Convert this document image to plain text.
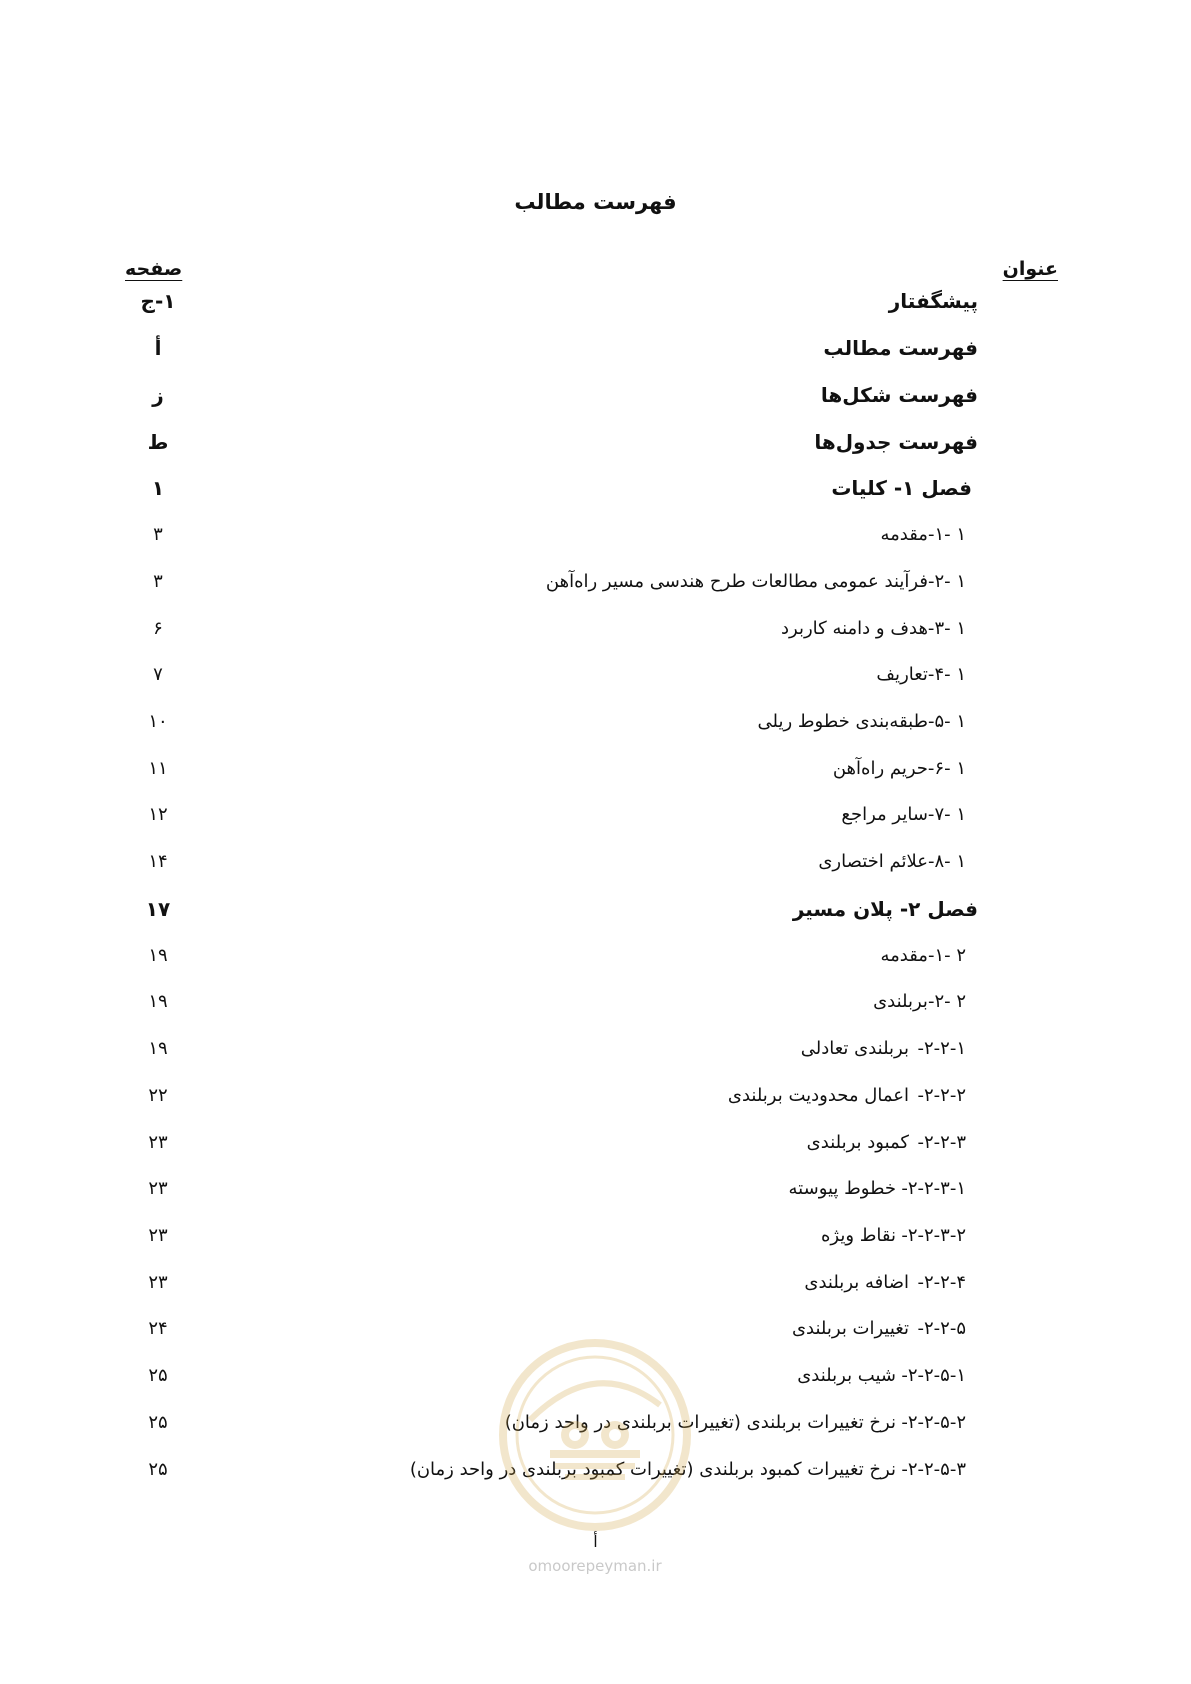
فهرست مطالب
عنوان
صفحه
پیشگفتار
۱-ج
فهرست مطالب
أ
فهرست شکل‌ها
ز
فهرست جدول‌ها
ط
فصل ۱- کلیات
۱
۱ -۱-مقدمه
۳
۱ -۲-فرآیند عمومی مطالعات طرح هندسی مسیر راه‌آهن
۳
۱ -۳-هدف و دامنه کاربرد
۶
۱ -۴-تعاریف
۷
۱ -۵-طبقه‌بندی خطوط ریلی
۱۰
۱ -۶-حریم راه‌آهن
۱۱
۱ -۷-سایر مراجع
۱۲
۱ -۸-علائم اختصاری
۱۴
فصل ۲- پلان مسیر
۱۷
۲ -۱-مقدمه
۱۹
۲ -۲-بربلندی
۱۹
۲-۲-۱-
بربلندی تعادلی
۱۹
۲-۲-۲-
اعمال محدودیت بربلندی
۲۲
۲-۲-۳-
کمبود بربلندی
۲۳
۲-۲-۳-۱-
خطوط پیوسته
۲۳
۲-۲-۳-۲-
نقاط ویژه
۲۳
۲-۲-۴-
اضافه بربلندی
۲۳
۲-۲-۵-
تغییرات بربلندی
۲۴
۲-۲-۵-۱-
شیب بربلندی
۲۵
۲-۲-۵-۲-
نرخ تغییرات بربلندی (تغییرات بربلندی در واحد زمان)
۲۵
۲-۲-۵-۳-
نرخ تغییرات کمبود بربلندی (تغییرات کمبود بربلندی در واحد زمان)
۲۵
omoorepeyman.ir
أ
